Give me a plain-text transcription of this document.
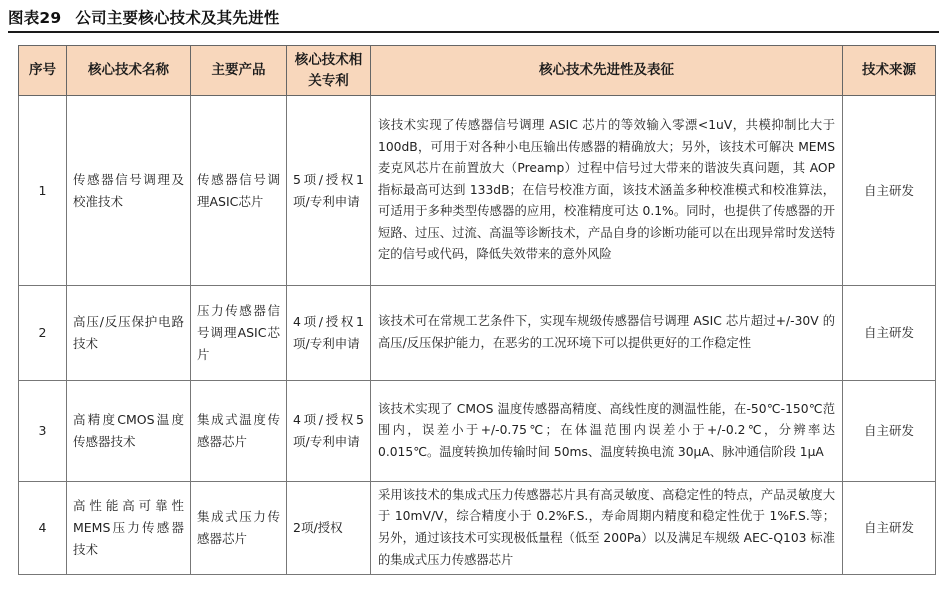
图表29 公司主要核心技术及其先进性
序号	核心技术名称	主要产品	核心技术相关专利	核心技术先进性及表征	技术来源
1	传感器信号调理及校准技术	传感器信号调理ASIC芯片	5项/授权1项/专利申请	该技术实现了传感器信号调理 ASIC 芯片的等效输入零漂<1uV，共模抑制比大于 100dB，可用于对各种小电压输出传感器的精确放大；另外，该技术可解决 MEMS 麦克风芯片在前置放大（Preamp）过程中信号过大带来的谐波失真问题，其 AOP 指标最高可达到 133dB；在信号校准方面，该技术涵盖多种校准模式和校准算法，可适用于多种类型传感器的应用，校准精度可达 0.1%。同时，也提供了传感器的开短路、过压、过流、高温等诊断技术，产品自身的诊断功能可以在出现异常时发送特定的信号或代码，降低失效带来的意外风险	自主研发
2	高压/反压保护电路技术	压力传感器信号调理ASIC芯片	4项/授权1项/专利申请	该技术可在常规工艺条件下，实现车规级传感器信号调理 ASIC 芯片超过+/-30V 的高压/反压保护能力，在恶劣的工况环境下可以提供更好的工作稳定性	自主研发
3	高精度CMOS温度传感器技术	集成式温度传感器芯片	4项/授权5项/专利申请	该技术实现了 CMOS 温度传感器高精度、高线性度的测温性能，在-50℃-150℃范围内，误差小于+/-0.75℃；在体温范围内误差小于+/-0.2℃，分辨率达 0.015℃。温度转换加传输时间 50ms、温度转换电流 30μA、脉冲通信阶段 1μA	自主研发
4	高性能高可靠性MEMS压力传感器技术	集成式压力传感器芯片	2项/授权	采用该技术的集成式压力传感器芯片具有高灵敏度、高稳定性的特点，产品灵敏度大于 10mV/V，综合精度小于 0.2%F.S.，寿命周期内精度和稳定性优于 1%F.S.等；另外，通过该技术可实现极低量程（低至 200Pa）以及满足车规级 AEC-Q103 标准的集成式压力传感器芯片	自主研发
